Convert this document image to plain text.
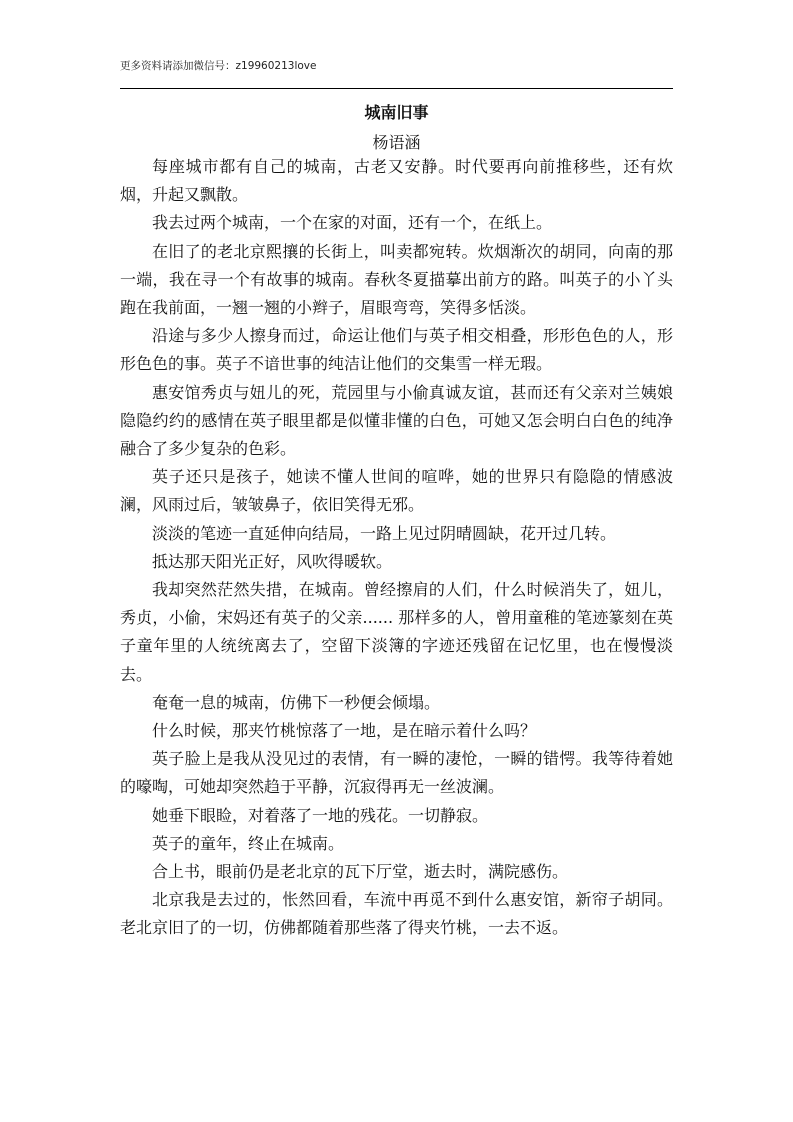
更多资料请添加微信号：z19960213love
城南旧事
杨语涵

每座城市都有自己的城南，古老又安静。时代要再向前推移些，还有炊烟，升起又飘散。

我去过两个城南，一个在家的对面，还有一个，在纸上。

在旧了的老北京熙攘的长街上，叫卖都宛转。炊烟渐次的胡同，向南的那一端，我在寻一个有故事的城南。春秋冬夏描摹出前方的路。叫英子的小丫头跑在我前面，一翘一翘的小辫子，眉眼弯弯，笑得多恬淡。

沿途与多少人擦身而过，命运让他们与英子相交相叠，形形色色的人，形形色色的事。英子不谙世事的纯洁让他们的交集雪一样无瑕。

惠安馆秀贞与妞儿的死，荒园里与小偷真诚友谊，甚而还有父亲对兰姨娘隐隐约约的感情在英子眼里都是似懂非懂的白色，可她又怎会明白白色的纯净融合了多少复杂的色彩。

英子还只是孩子，她读不懂人世间的喧哗，她的世界只有隐隐的情感波澜，风雨过后，皱皱鼻子，依旧笑得无邪。

淡淡的笔迹一直延伸向结局，一路上见过阴晴圆缺，花开过几转。

抵达那天阳光正好，风吹得暖软。

我却突然茫然失措，在城南。曾经擦肩的人们，什么时候消失了，妞儿，秀贞，小偷，宋妈还有英子的父亲...... 那样多的人，曾用童稚的笔迹篆刻在英子童年里的人统统离去了，空留下淡簿的字迹还残留在记忆里，也在慢慢淡去。

奄奄一息的城南，仿佛下一秒便会倾塌。

什么时候，那夹竹桃惊落了一地，是在暗示着什么吗？

英子脸上是我从没见过的表情，有一瞬的凄怆，一瞬的错愕。我等待着她的嚎啕，可她却突然趋于平静，沉寂得再无一丝波澜。

她垂下眼睑，对着落了一地的残花。一切静寂。

英子的童年，终止在城南。

合上书，眼前仍是老北京的瓦下厅堂，逝去时，满院感伤。

北京我是去过的，怅然回看，车流中再觅不到什么惠安馆，新帘子胡同。老北京旧了的一切，仿佛都随着那些落了得夹竹桃，一去不返。
